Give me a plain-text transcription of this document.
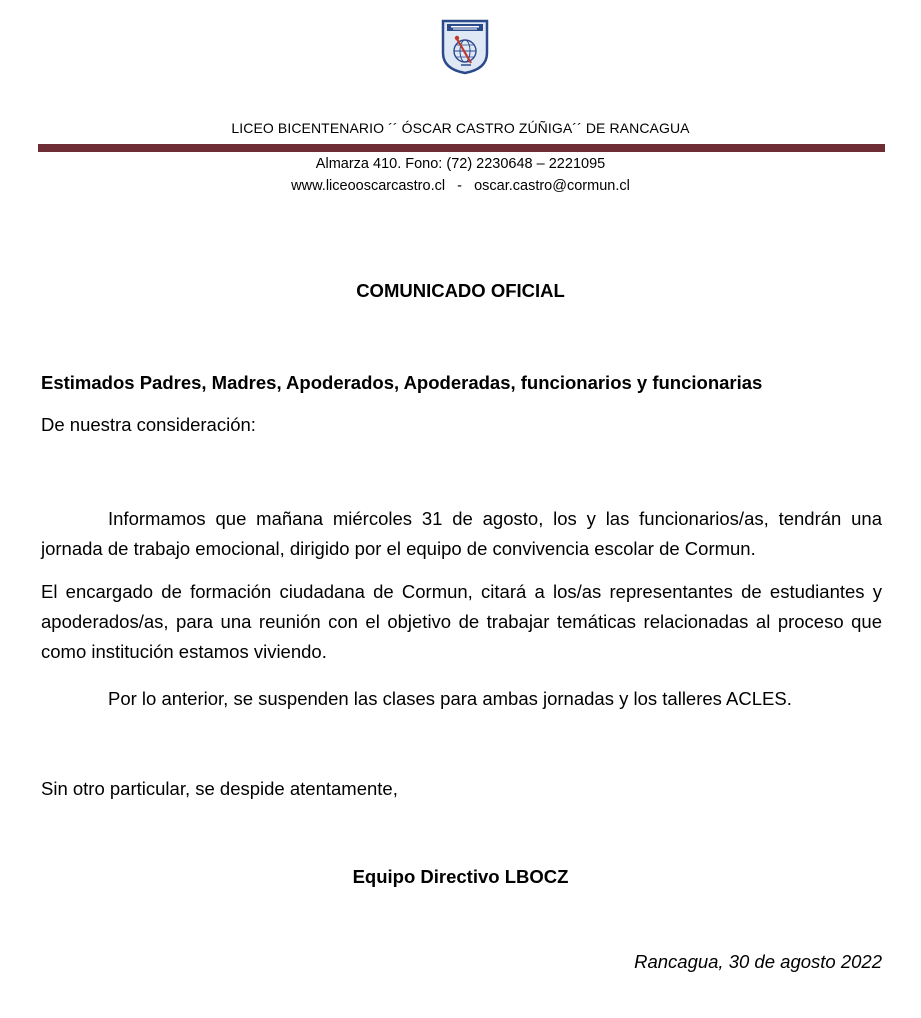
LICEO BICENTENARIO ´´ ÓSCAR CASTRO ZÚÑIGA´´ DE RANCAGUA
Almarza 410. Fono: (72) 2230648 – 2221095
www.liceooscarcastro.cl   -   oscar.castro@cormun.cl
COMUNICADO OFICIAL
Estimados Padres, Madres, Apoderados, Apoderadas, funcionarios y funcionarias
De nuestra consideración:
Informamos que mañana miércoles 31 de agosto, los y las funcionarios/as, tendrán una jornada de trabajo emocional, dirigido por el equipo de convivencia escolar de Cormun.
El encargado de formación ciudadana de Cormun, citará a los/as representantes de estudiantes y apoderados/as, para una reunión con el objetivo de trabajar temáticas relacionadas al proceso que como institución estamos viviendo.
Por lo anterior, se suspenden las clases para ambas jornadas y los talleres ACLES.
Sin otro particular, se despide atentamente,
Equipo Directivo LBOCZ
Rancagua, 30 de agosto 2022
